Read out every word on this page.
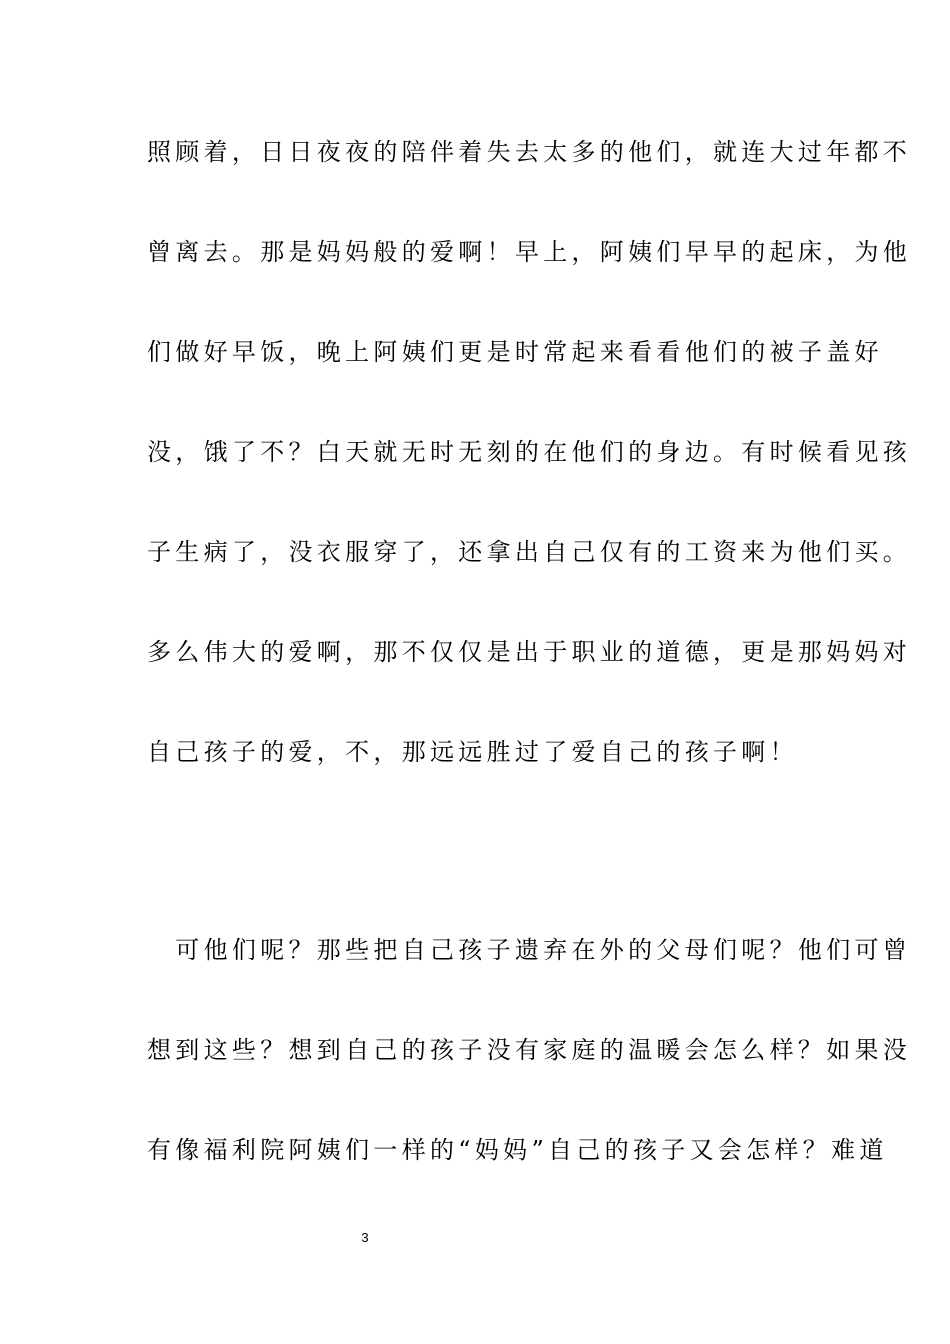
照顾着，日日夜夜的陪伴着失去太多的他们，就连大过年都不
曾离去。那是妈妈般的爱啊！早上，阿姨们早早的起床，为他
们做好早饭，晚上阿姨们更是时常起来看看他们的被子盖好
没，饿了不？白天就无时无刻的在他们的身边。有时候看见孩
子生病了，没衣服穿了，还拿出自己仅有的工资来为他们买。
多么伟大的爱啊，那不仅仅是出于职业的道德，更是那妈妈对
自己孩子的爱，不，那远远胜过了爱自己的孩子啊！
　可他们呢？那些把自己孩子遗弃在外的父母们呢？他们可曾
想到这些？想到自己的孩子没有家庭的温暖会怎么样？如果没
有像福利院阿姨们一样的“妈妈”自己的孩子又会怎样？难道
3
